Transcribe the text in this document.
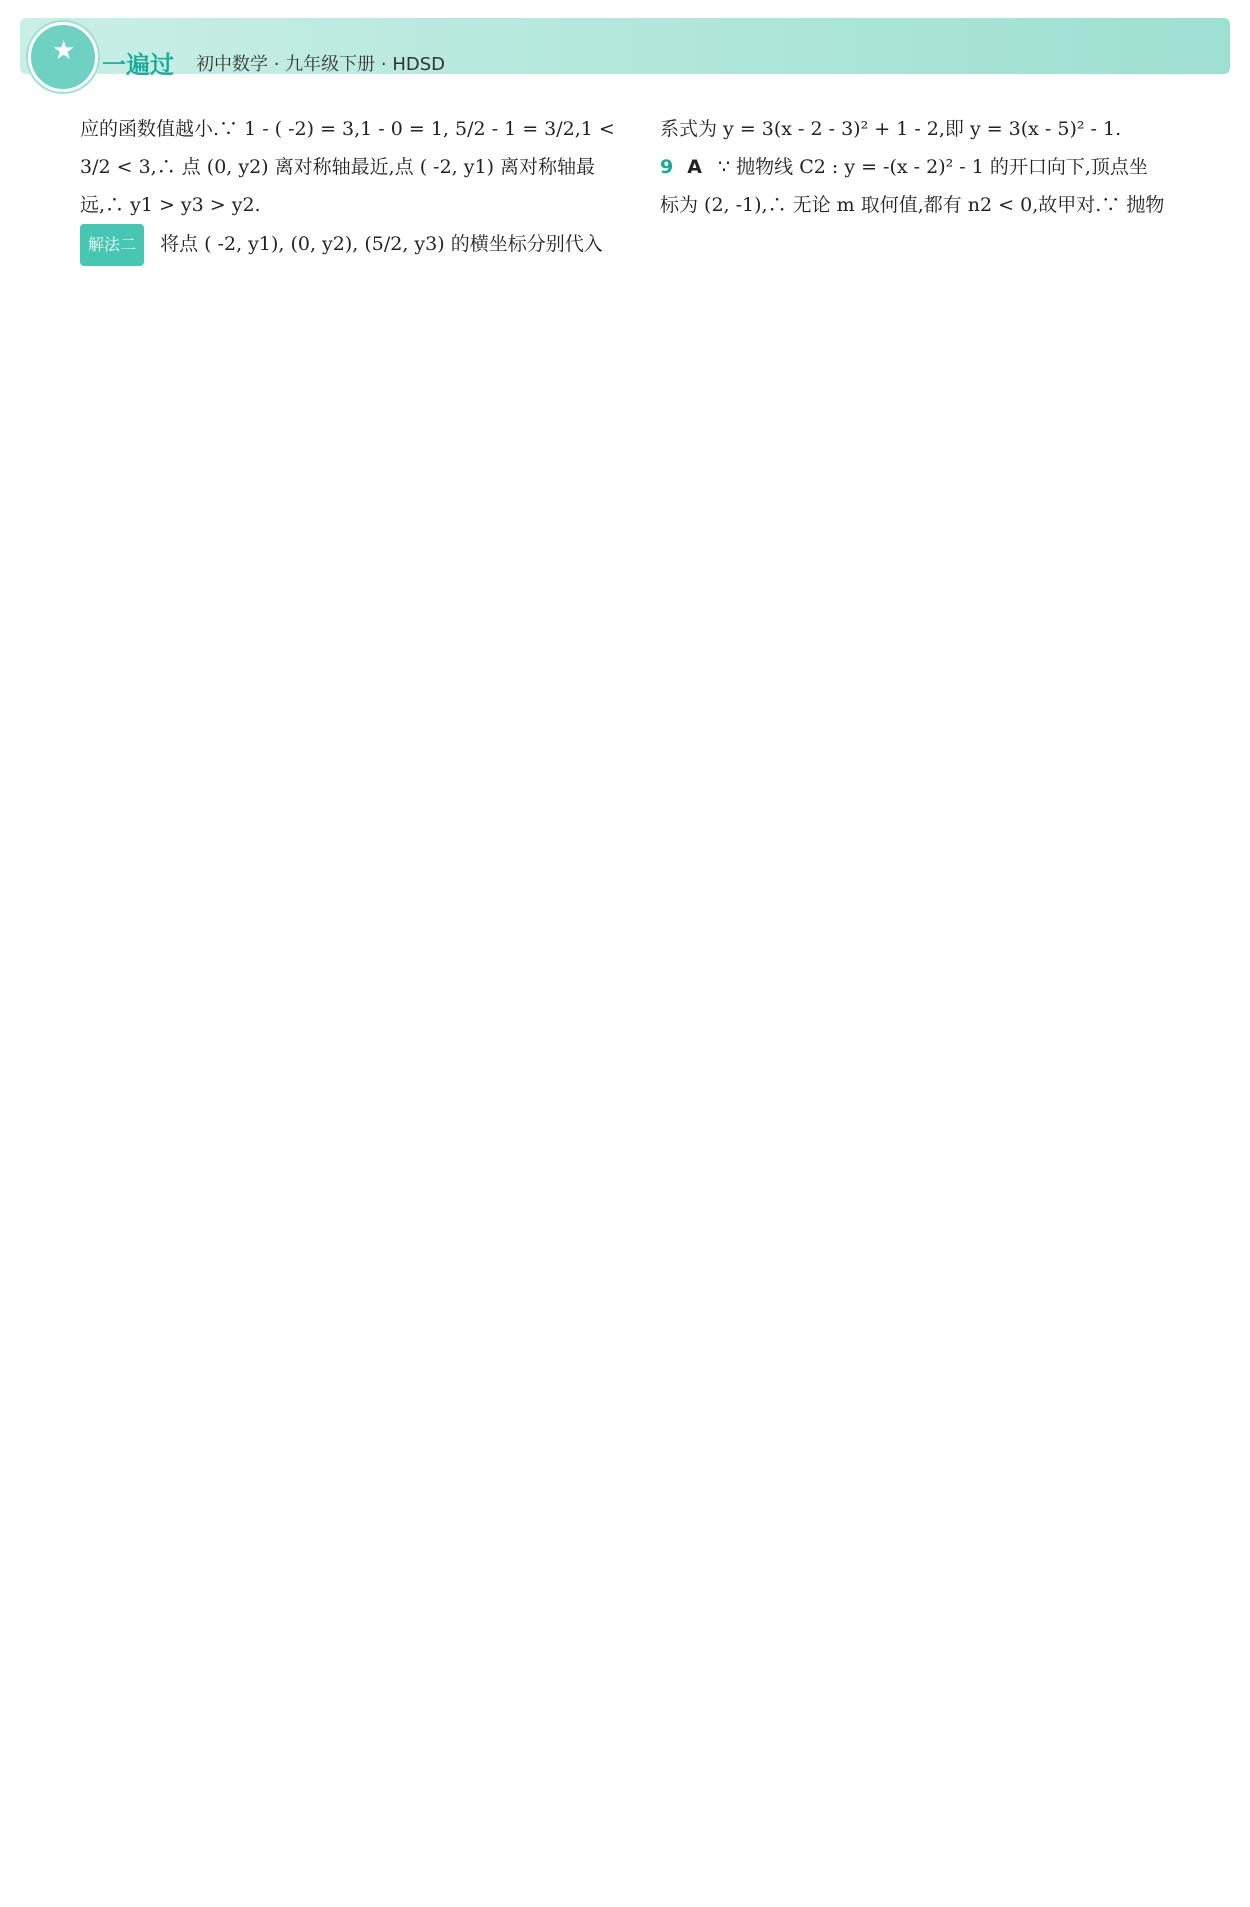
★ 一遍过 初中数学 · 九年级下册 · HDSD
应的函数值越小.∵ 1 - ( -2) = 3,1 - 0 = 1, 5/2 - 1 = 3/2,1 <
3/2 < 3,∴ 点 (0, y2) 离对称轴最近,点 ( -2, y1) 离对称轴最
远,∴ y1 > y3 > y2.
解法二 将点 ( -2, y1), (0, y2), (5/2, y3) 的横坐标分别代入
系式为 y = 3(x - 2 - 3)² + 1 - 2,即 y = 3(x - 5)² - 1.
9 A ∵ 抛物线 C2 : y = -(x - 2)² - 1 的开口向下,顶点坐
标为 (2, -1),∴ 无论 m 取何值,都有 n2 < 0,故甲对.∵ 抛物
